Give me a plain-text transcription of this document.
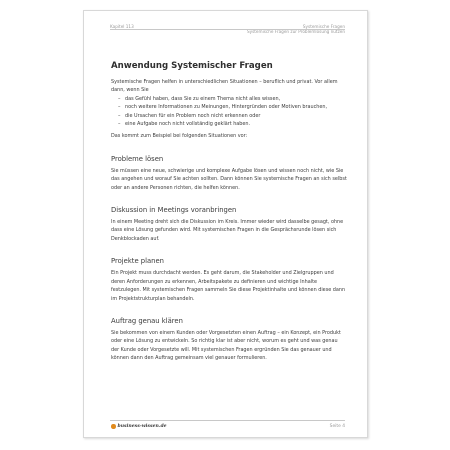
Kapitel 113	Systemische Fragen
Systemische Fragen zur Problemlösung nutzen
Anwendung Systemischer Fragen

Systemische Fragen helfen in unterschiedlichen Situationen – beruflich und privat. Vor allem dann, wenn Sie

– das Gefühl haben, dass Sie zu einem Thema nicht alles wissen,
– noch weitere Informationen zu Meinungen, Hintergründen oder Motiven brauchen,
– die Ursachen für ein Problem noch nicht erkennen oder
– eine Aufgabe noch nicht vollständig geklärt haben.

Das kommt zum Beispiel bei folgenden Situationen vor:

Probleme lösen

Sie müssen eine neue, schwierige und komplexe Aufgabe lösen und wissen noch nicht, wie Sie das angehen und worauf Sie achten sollten. Dann können Sie systemische Fragen an sich selbst oder an andere Personen richten, die helfen können.

Diskussion in Meetings voranbringen

In einem Meeting dreht sich die Diskussion im Kreis. Immer wieder wird dasselbe gesagt, ohne dass eine Lösung gefunden wird. Mit systemischen Fragen in die Gesprächsrunde lösen sich Denkblockaden auf.

Projekte planen

Ein Projekt muss durchdacht werden. Es geht darum, die Stakeholder und Zielgruppen und deren Anforderungen zu erkennen, Arbeitspakete zu definieren und wichtige Inhalte festzulegen. Mit systemischen Fragen sammeln Sie diese Projektinhalte und können diese dann im Projektstrukturplan behandeln.

Auftrag genau klären

Sie bekommen von einem Kunden oder Vorgesetzten einen Auftrag – ein Konzept, ein Produkt oder eine Lösung zu entwickeln. So richtig klar ist aber nicht, worum es geht und was genau der Kunde oder Vorgesetzte will. Mit systemischen Fragen ergründen Sie das genauer und können dann den Auftrag gemeinsam viel genauer formulieren.

business-wissen.de	Seite 4
